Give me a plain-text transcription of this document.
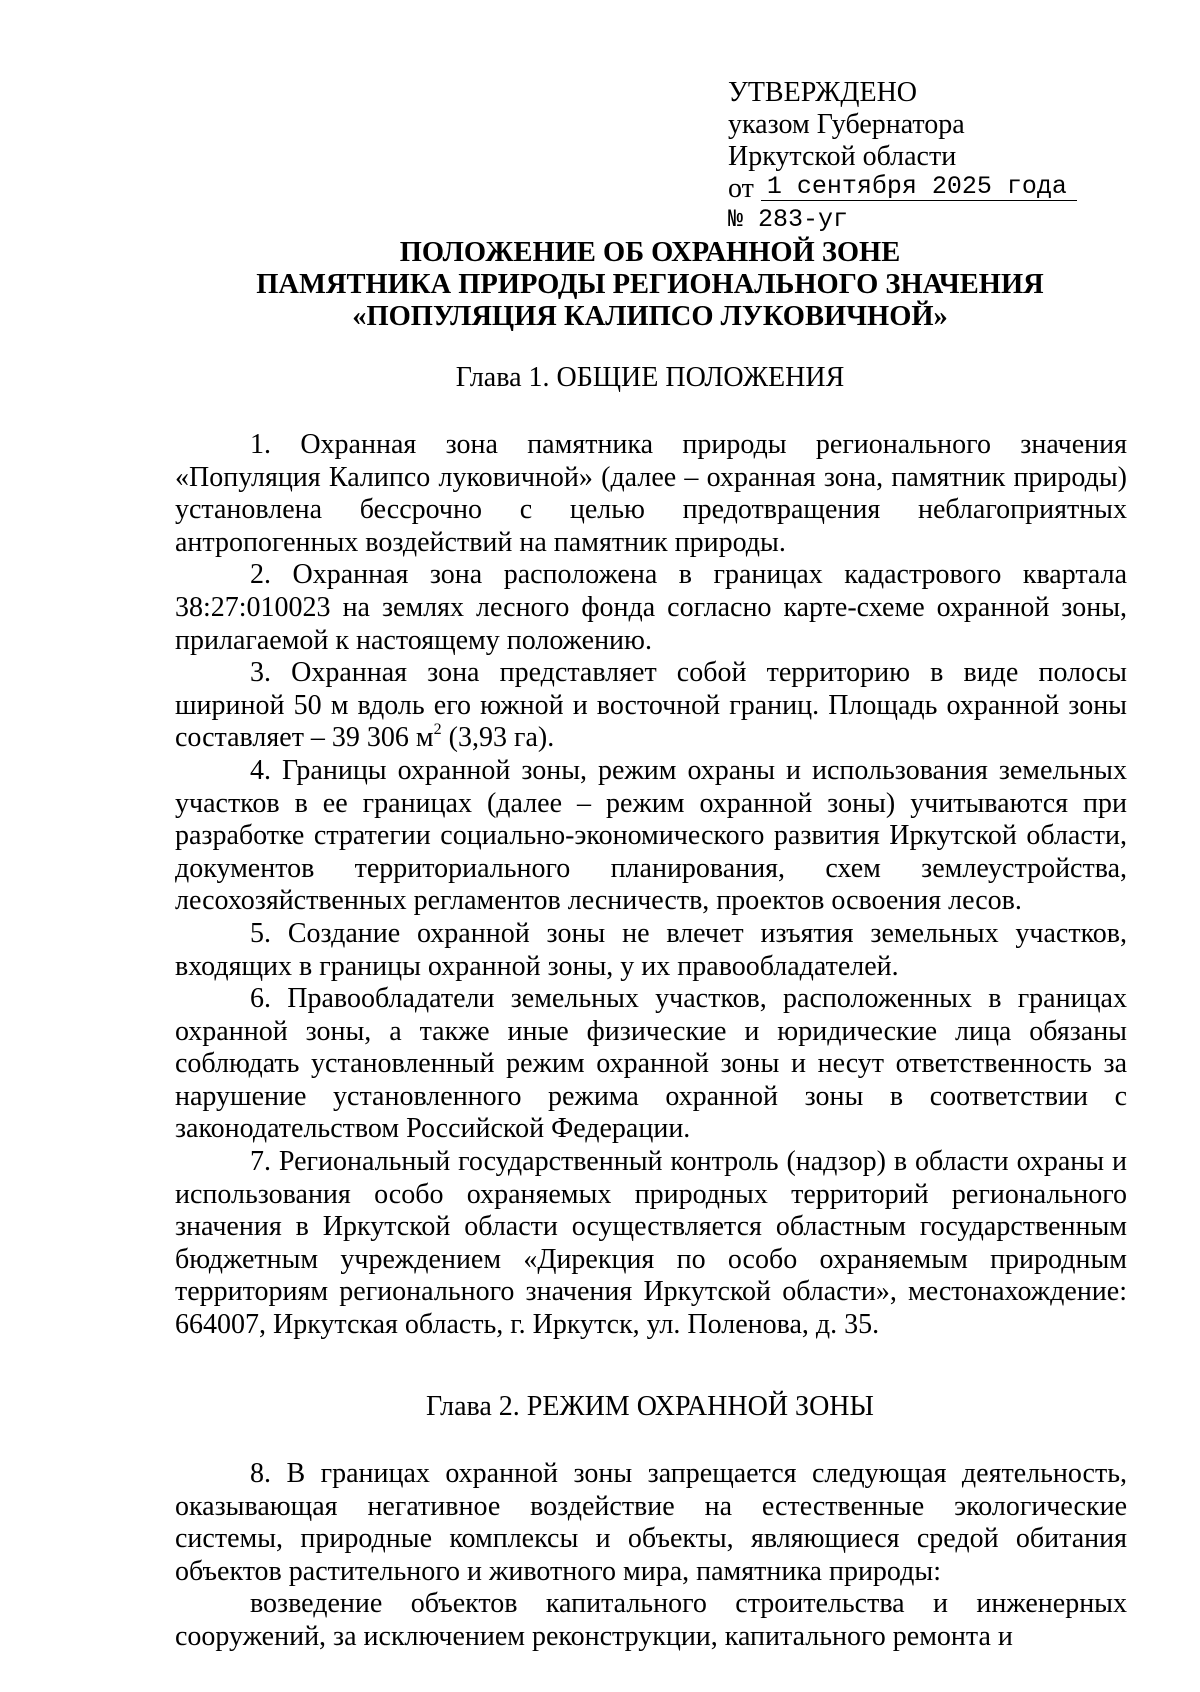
УТВЕРЖДЕНО
указом Губернатора
Иркутской области
от 1 сентября 2025 года
№ 283-уг
ПОЛОЖЕНИЕ ОБ ОХРАННОЙ ЗОНЕ
ПАМЯТНИКА ПРИРОДЫ РЕГИОНАЛЬНОГО ЗНАЧЕНИЯ
«ПОПУЛЯЦИЯ КАЛИПСО ЛУКОВИЧНОЙ»
Глава 1. ОБЩИЕ ПОЛОЖЕНИЯ

1. Охранная зона памятника природы регионального значения «Популяция Калипсо луковичной» (далее – охранная зона, памятник природы) установлена бессрочно с целью предотвращения неблагоприятных антропогенных воздействий на памятник природы.

2. Охранная зона расположена в границах кадастрового квартала 38:27:010023 на землях лесного фонда согласно карте-схеме охранной зоны, прилагаемой к настоящему положению.

3. Охранная зона представляет собой территорию в виде полосы шириной 50 м вдоль его южной и восточной границ. Площадь охранной зоны составляет – 39 306 $м^2$ (3,93 га).

4. Границы охранной зоны, режим охраны и использования земельных участков в ее границах (далее – режим охранной зоны) учитываются при разработке стратегии социально-экономического развития Иркутской области, документов территориального планирования, схем землеустройства, лесохозяйственных регламентов лесничеств, проектов освоения лесов.

5. Создание охранной зоны не влечет изъятия земельных участков, входящих в границы охранной зоны, у их правообладателей.

6. Правообладатели земельных участков, расположенных в границах охранной зоны, а также иные физические и юридические лица обязаны соблюдать установленный режим охранной зоны и несут ответственность за нарушение установленного режима охранной зоны в соответствии с законодательством Российской Федерации.

7. Региональный государственный контроль (надзор) в области охраны и использования особо охраняемых природных территорий регионального значения в Иркутской области осуществляется областным государственным бюджетным учреждением «Дирекция по особо охраняемым природным территориям регионального значения Иркутской области», местонахождение: 664007, Иркутская область, г. Иркутск, ул. Поленова, д. 35.

Глава 2. РЕЖИМ ОХРАННОЙ ЗОНЫ

8. В границах охранной зоны запрещается следующая деятельность, оказывающая негативное воздействие на естественные экологические системы, природные комплексы и объекты, являющиеся средой обитания объектов растительного и животного мира, памятника природы:

возведение объектов капитального строительства и инженерных сооружений, за исключением реконструкции, капитального ремонта и
